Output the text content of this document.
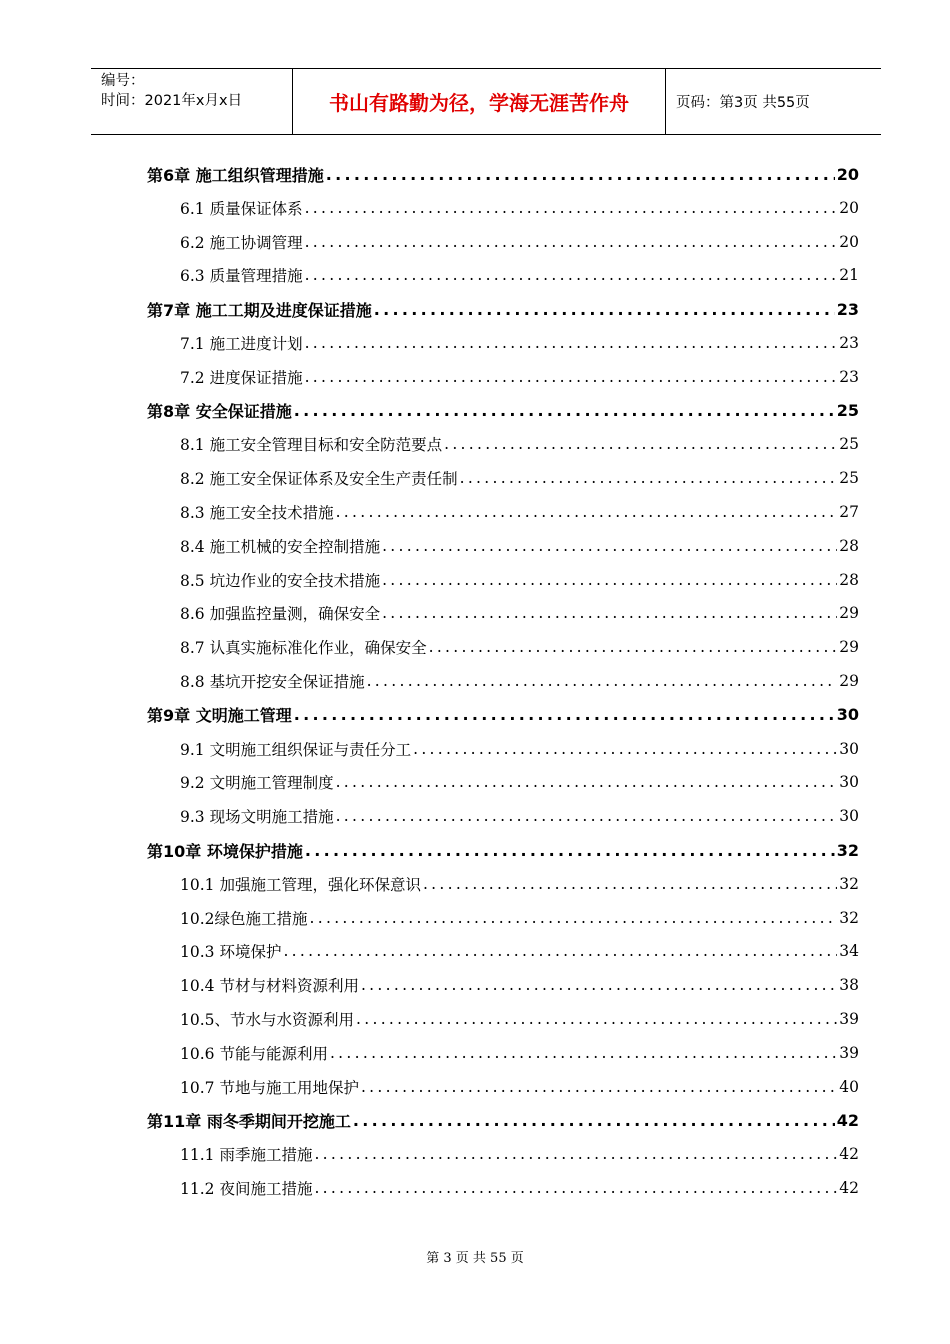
编号：
时间：2021年x月x日	书山有路勤为径，学海无涯苦作舟	页码：第3页 共55页
第6章 施工组织管理措施 .....	20
6.1 质量保证体系 .....	20
6.2 施工协调管理 .....	20
6.3 质量管理措施 .....	21
第7章 施工工期及进度保证措施 .....	23
7.1 施工进度计划 .....	23
7.2 进度保证措施 .....	23
第8章 安全保证措施 .....	25
8.1 施工安全管理目标和安全防范要点 .....	25
8.2 施工安全保证体系及安全生产责任制 .....	25
8.3 施工安全技术措施 .....	27
8.4 施工机械的安全控制措施 .....	28
8.5 坑边作业的安全技术措施 .....	28
8.6 加强监控量测，确保安全 .....	29
8.7 认真实施标准化作业，确保安全 .....	29
8.8 基坑开挖安全保证措施 .....	29
第9章 文明施工管理 .....	30
9.1 文明施工组织保证与责任分工 .....	30
9.2 文明施工管理制度 .....	30
9.3 现场文明施工措施 .....	30
第10章 环境保护措施 .....	32
10.1 加强施工管理，强化环保意识 .....	32
10.2绿色施工措施 .....	32
10.3 环境保护 .....	34
10.4 节材与材料资源利用 .....	38
10.5、节水与水资源利用 .....	39
10.6 节能与能源利用 .....	39
10.7 节地与施工用地保护 .....	40
第11章 雨冬季期间开挖施工 .....	42
11.1 雨季施工措施 .....	42
11.2 夜间施工措施 .....	42
第 3 页 共 55 页
